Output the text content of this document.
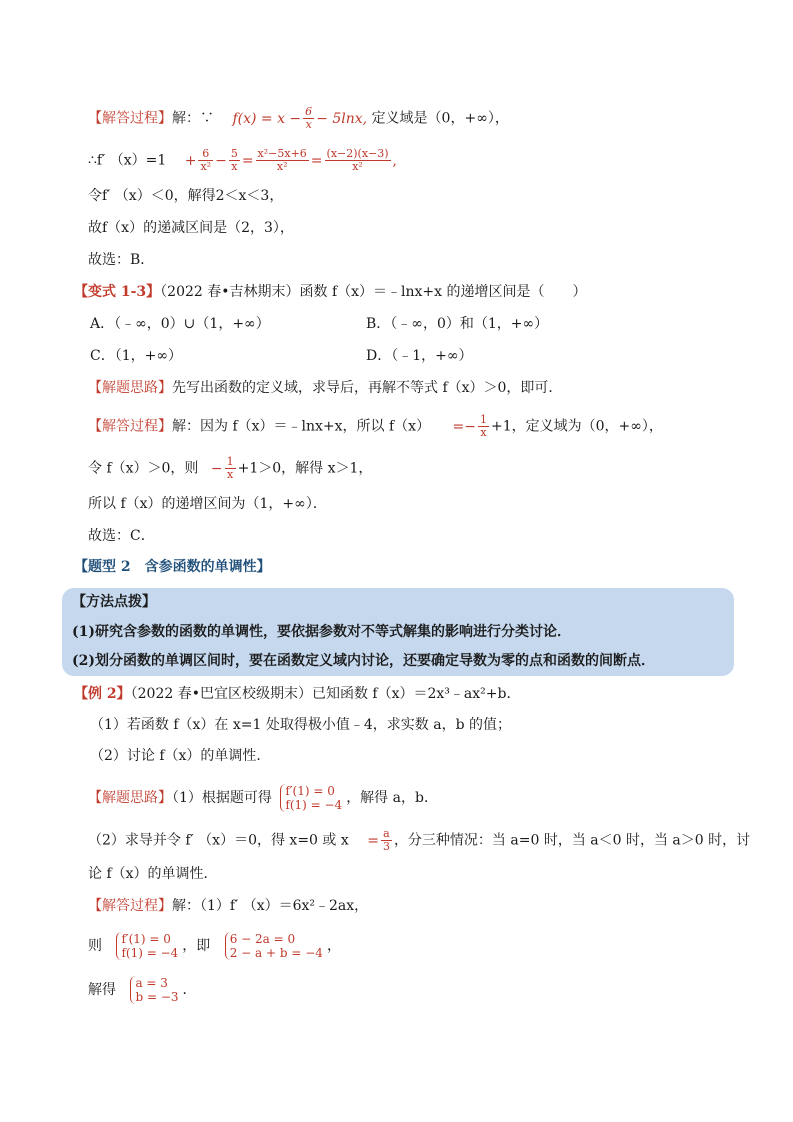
【解答过程】解：∵ $f(x) = x - \frac{6}{x} - 5\ln x$, 定义域是（0，+∞），
∴f′ $(x)=1 + \frac{6}{\text{x²}} - \frac{5}{x} = \frac{\text{x²−5x+6}}{\text{x²}} = \frac{(x-2)(x-3)}{\text{x²}}$ ,
令f′ （x）＜0，解得2＜x＜3，
故f（x）的递减区间是（2，3），
故选：B．
【变式 1-3】（2022 春•吉林期末）函数 f（x）＝﹣lnx+x 的递增区间是（　　）
A．（﹣∞，0）∪（1，+∞）	B．（﹣∞，0）和（1，+∞）
C．（1，+∞）	D．（﹣1，+∞）
【解题思路】先写出函数的定义域，求导后，再解不等式 f（x）＞0，即可．
【解答过程】解：因为 f（x）＝﹣lnx+x，所以 $f(x) =- \frac{1}{x} +1$，定义域为（0，+∞），
令 f（x）＞0，则 − $\frac{1}{x} +1>0$，解得 x＞1，
所以 f（x）的递增区间为（1，+∞）．
故选：C．
【题型 2　含参函数的单调性】
【方法点拨】
(1)研究含参数的函数的单调性，要依据参数对不等式解集的影响进行分类讨论．
(2)划分函数的单调区间时，要在函数定义域内讨论，还要确定导数为零的点和函数的间断点．
【例 2】（2022 春•巴宜区校级期末）已知函数 f（x）＝2x³﹣ax²+b．
（1）若函数 f（x）在 x=1 处取得极小值﹣4，求实数 a，b 的值；
（2）讨论 f（x）的单调性．
【解题思路】（1）根据题可得 f′(1) = 0
f(1) = −4 ，解得 a，b．
（2）求导并令 f′ （x）＝0，得 x=0 或 $x = \frac{a}{3}$ ，分三种情况：当 a=0 时，当 a＜0 时，当 a＞0 时，讨
论 f（x）的单调性．
【解答过程】解：（1）f′ （x）＝6x²﹣2ax，
则 f′(1) = 0
f(1) = −4 ，即 6 − 2a = 0
2 − a + b = −4 ，
解得 a = 3
b = −3 ．
